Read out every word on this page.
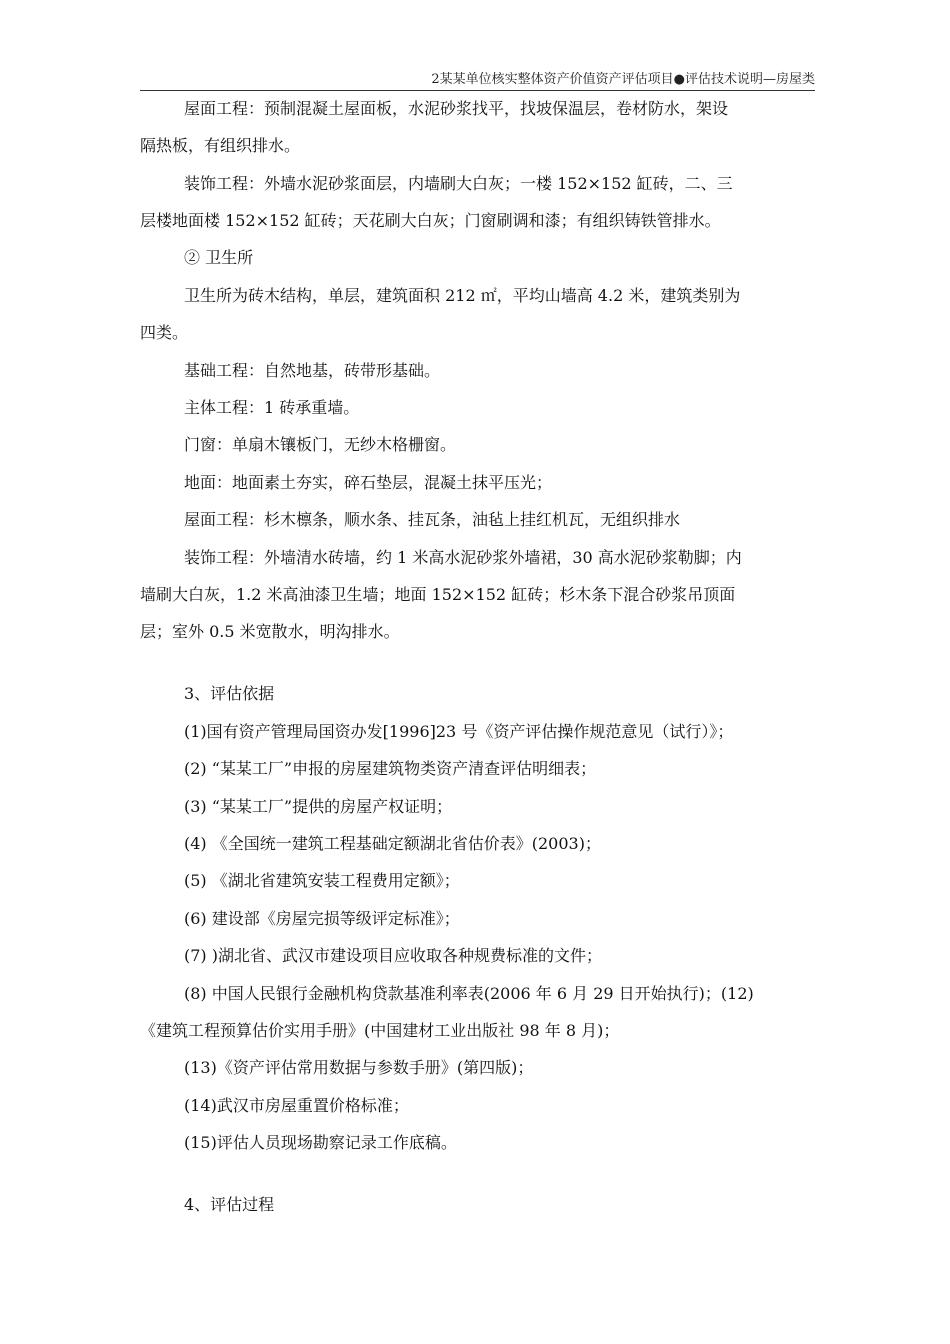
2某某单位核实整体资产价值资产评估项目●评估技术说明—房屋类
屋面工程：预制混凝土屋面板，水泥砂浆找平，找坡保温层，卷材防水，架设
隔热板，有组织排水。
装饰工程：外墙水泥砂浆面层，内墙刷大白灰；一楼 152×152 缸砖，二、三
层楼地面楼 152×152 缸砖；天花刷大白灰；门窗刷调和漆；有组织铸铁管排水。
② 卫生所
卫生所为砖木结构，单层，建筑面积 212 ㎡，平均山墙高 4.2 米，建筑类别为
四类。
基础工程：自然地基，砖带形基础。
主体工程：1 砖承重墙。
门窗：单扇木镶板门，无纱木格栅窗。
地面：地面素土夯实，碎石垫层，混凝土抹平压光；
屋面工程：杉木檩条，顺水条、挂瓦条，油毡上挂红机瓦，无组织排水
装饰工程：外墙清水砖墙，约 1 米高水泥砂浆外墙裙，30 高水泥砂浆勒脚；内
墙刷大白灰，1.2 米高油漆卫生墙；地面 152×152 缸砖；杉木条下混合砂浆吊顶面
层；室外 0.5 米宽散水，明沟排水。
3、评估依据
(1)国有资产管理局国资办发[1996]23 号《资产评估操作规范意见（试行）》；
(2) “某某工厂”申报的房屋建筑物类资产清查评估明细表；
(3) “某某工厂”提供的房屋产权证明；
(4) 《全国统一建筑工程基础定额湖北省估价表》(2003)；
(5) 《湖北省建筑安装工程费用定额》；
(6) 建设部《房屋完损等级评定标准》；
(7) )湖北省、武汉市建设项目应收取各种规费标准的文件；
(8) 中国人民银行金融机构贷款基准利率表(2006 年 6 月 29 日开始执行)；(12)
《建筑工程预算估价实用手册》(中国建材工业出版社 98 年 8 月)；
(13)《资产评估常用数据与参数手册》(第四版)；
(14)武汉市房屋重置价格标准；
(15)评估人员现场勘察记录工作底稿。
4、评估过程
